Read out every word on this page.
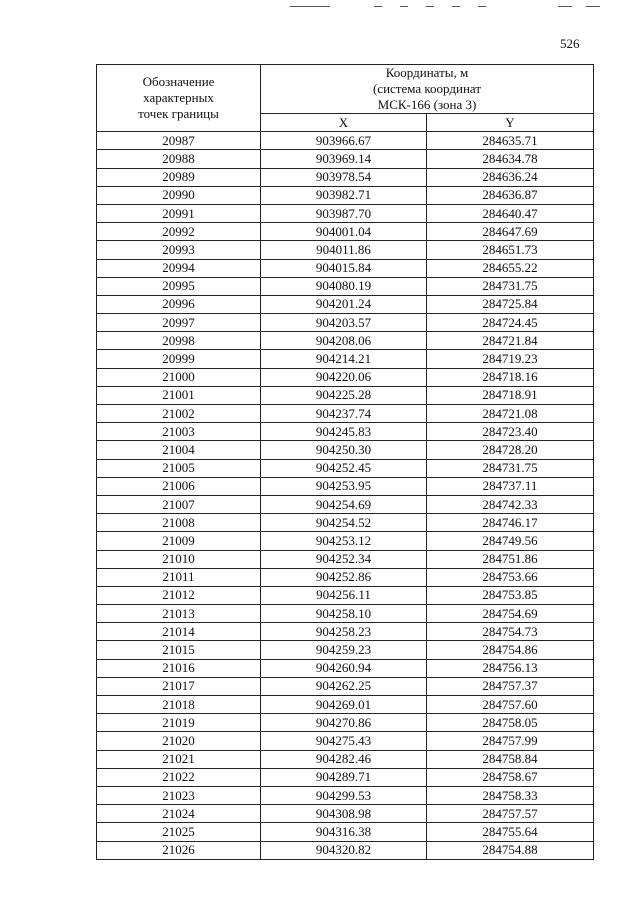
526
Обозначение
характерных
точек границы	Координаты, м
(система координат
МСК-166 (зона 3)	
	X	Y
20987	903966.67	284635.71
20988	903969.14	284634.78
20989	903978.54	284636.24
20990	903982.71	284636.87
20991	903987.70	284640.47
20992	904001.04	284647.69
20993	904011.86	284651.73
20994	904015.84	284655.22
20995	904080.19	284731.75
20996	904201.24	284725.84
20997	904203.57	284724.45
20998	904208.06	284721.84
20999	904214.21	284719.23
21000	904220.06	284718.16
21001	904225.28	284718.91
21002	904237.74	284721.08
21003	904245.83	284723.40
21004	904250.30	284728.20
21005	904252.45	284731.75
21006	904253.95	284737.11
21007	904254.69	284742.33
21008	904254.52	284746.17
21009	904253.12	284749.56
21010	904252.34	284751.86
21011	904252.86	284753.66
21012	904256.11	284753.85
21013	904258.10	284754.69
21014	904258.23	284754.73
21015	904259.23	284754.86
21016	904260.94	284756.13
21017	904262.25	284757.37
21018	904269.01	284757.60
21019	904270.86	284758.05
21020	904275.43	284757.99
21021	904282.46	284758.84
21022	904289.71	284758.67
21023	904299.53	284758.33
21024	904308.98	284757.57
21025	904316.38	284755.64
21026	904320.82	284754.88
